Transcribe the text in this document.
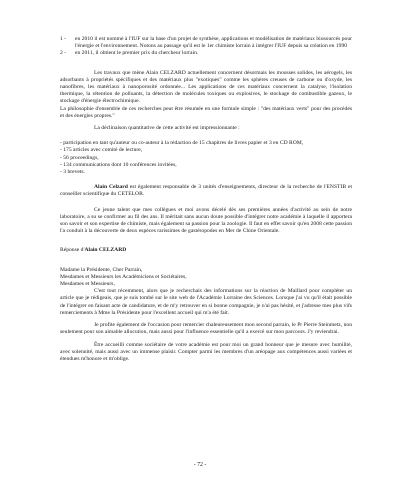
1 - en 2010 il est nommé à l'IUF sur la base d'un projet de synthèse, applications et modélisation de matériaux biosourcés pour l'énergie et l'environnement. Notons au passage qu'il est le 1er chimiste lorrain à intégrer l'IUF depuis sa création en 1990

2 - en 2011, il obtient le premier prix du chercheur lorrain.

Les travaux que mène Alain CELZARD actuellement concernent désormais les mousses solides, les aérogels, les adsorbants à propriétés spécifiques et des matériaux plus "exotiques" comme les sphères creuses de carbone ou d'oxyde, les nanofibres, les matériaux à nanoporosité ordonnée... Les applications de ces matériaux concernent la catalyse, l'isolation thermique, la rétention de polluants, la détection de molécules toxiques ou explosives, le stockage de combustible gazeux, le stockage d'énergie électrochimique.

La philosophie d'ensemble de ces recherches peut être résumée en une formule simple : "des matériaux verts" pour des procédés et des énergies propres."

La déclinaison quantitative de cette activité est impressionnante :

- participation en tant qu'auteur ou co-auteur à la rédaction de 15 chapitres de livres papier et 3 en CD ROM,

- 175 articles avec comité de lecture,

- 56 proceedings,

- 134 communications dont 10 conférences invitées,

- 3 brevets.

Alain Celzard est également responsable de 3 unités d'enseignements, directeur de la recherche de l'ENSTIB et conseiller scientifique du CETELOR.

Ce jeune talent que mes collègues et moi avons décelé dès ses premières années d'activité au sein de notre laboratoire, a su se confirmer au fil des ans. Il méritait sans aucun doute possible d'intégrer notre académie à laquelle il apportera son savoir et son expertise de chimiste, mais également sa passion pour la zoologie. Il faut en effet savoir qu'en 2008 cette passion l'a conduit à la découverte de deux espèces rarissimes de gastéropodes en Mer de Chine Orientale.

Réponse d'Alain CELZARD

Madame la Présidente, Cher Parrain,

Mesdames et Messieurs les Académiciens et Sociétaires,

Mesdames et Messieurs,

C'est tout récemment, alors que je recherchais des informations sur la réaction de Maillard pour compléter un article que je rédigeais, que je suis tombé sur le site web de l'Académie Lorraine des Sciences. Lorsque j'ai vu qu'il était possible de l'intégrer en faisant acte de candidature, et de m'y retrouver en si bonne compagnie, je n'ai pas hésité, et j'adresse mes plus vifs remerciements à Mme la Présidente pour l'excellent accueil qui m'a été fait.

Je profite également de l'occasion pour remercier chaleureusement mon second parrain, le Pr Pierre Steinmetz, non seulement pour son aimable allocution, mais aussi pour l'influence essentielle qu'il a exercé sur mon parcours. J'y reviendrai.

Être accueilli comme sociétaire de votre académie est pour moi un grand honneur que je mesure avec humilité, avec solennité, mais aussi avec un immense plaisir. Compter parmi les membres d'un aréopage aux compétences aussi variées et étendues m'honore et m'oblige.

- 72 -
